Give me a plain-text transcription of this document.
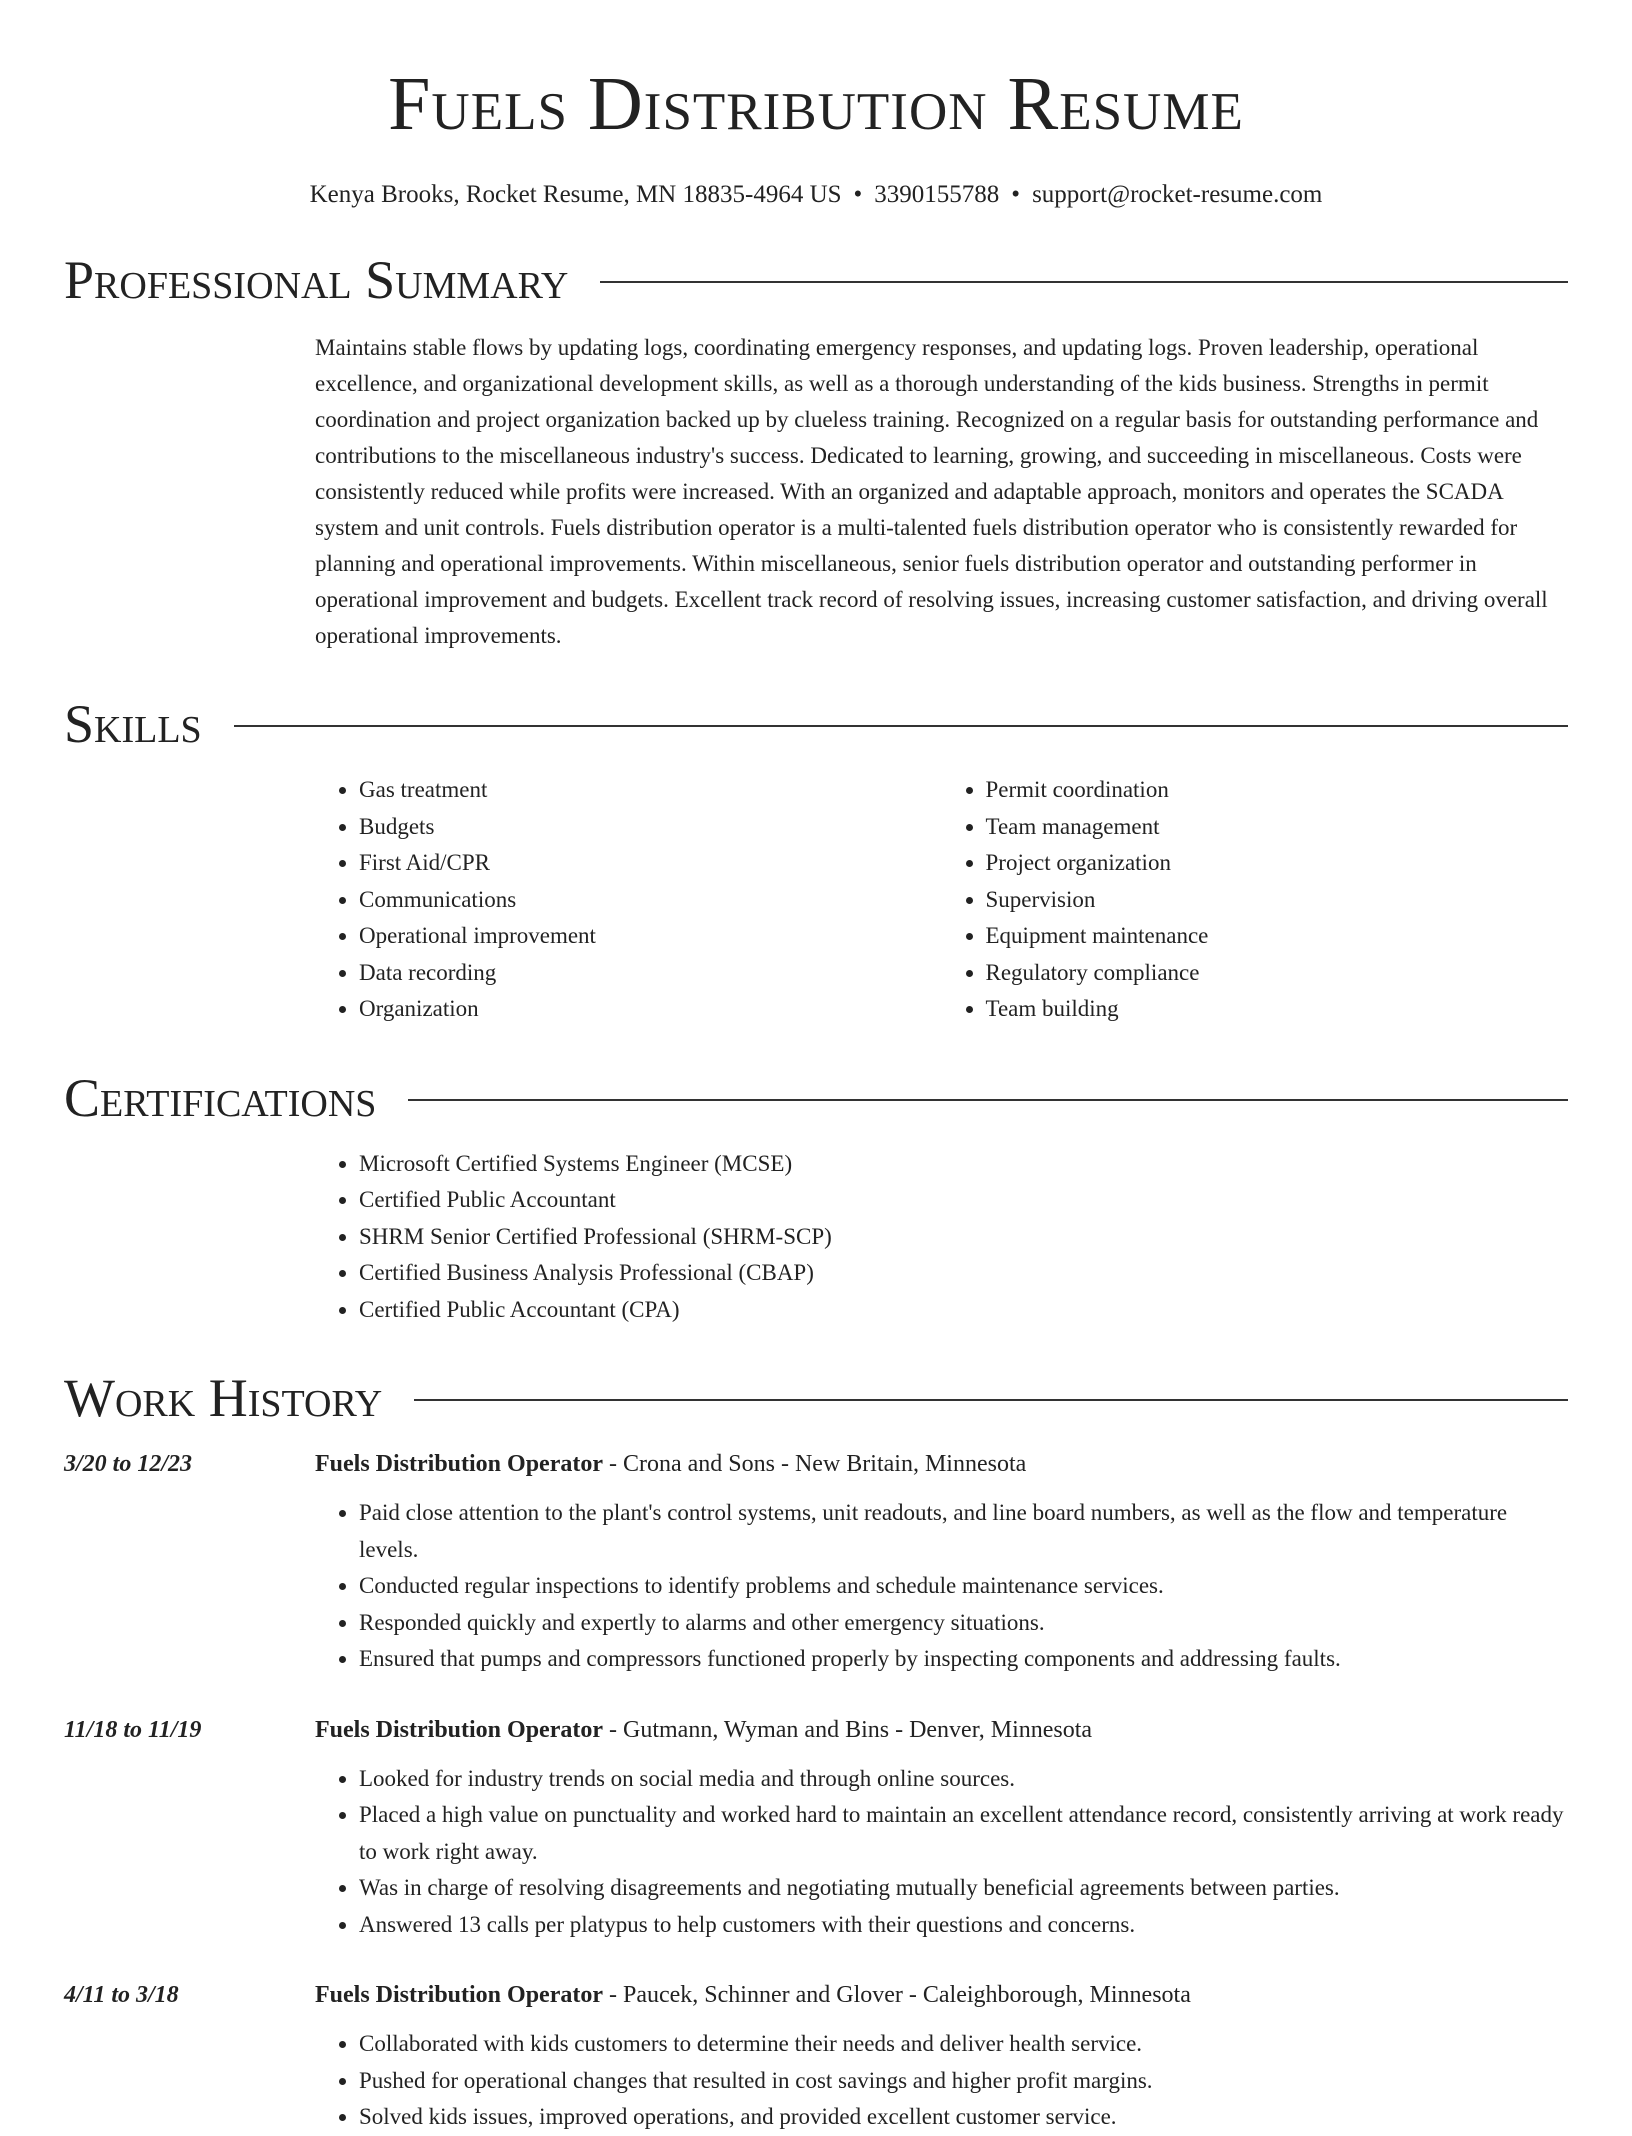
Fuels Distribution Resume
Kenya Brooks, Rocket Resume, MN 18835-4964 US • 3390155788 • support@rocket-resume.com
Professional Summary
Maintains stable flows by updating logs, coordinating emergency responses, and updating logs. Proven leadership, operational excellence, and organizational development skills, as well as a thorough understanding of the kids business. Strengths in permit coordination and project organization backed up by clueless training. Recognized on a regular basis for outstanding performance and contributions to the miscellaneous industry's success. Dedicated to learning, growing, and succeeding in miscellaneous. Costs were consistently reduced while profits were increased. With an organized and adaptable approach, monitors and operates the SCADA system and unit controls. Fuels distribution operator is a multi-talented fuels distribution operator who is consistently rewarded for planning and operational improvements. Within miscellaneous, senior fuels distribution operator and outstanding performer in operational improvement and budgets. Excellent track record of resolving issues, increasing customer satisfaction, and driving overall operational improvements.
Skills
• Gas treatment
• Budgets
• First Aid/CPR
• Communications
• Operational improvement
• Data recording
• Organization
• Permit coordination
• Team management
• Project organization
• Supervision
• Equipment maintenance
• Regulatory compliance
• Team building
Certifications
• Microsoft Certified Systems Engineer (MCSE)
• Certified Public Accountant
• SHRM Senior Certified Professional (SHRM-SCP)
• Certified Business Analysis Professional (CBAP)
• Certified Public Accountant (CPA)
Work History
3/20 to 12/23	Fuels Distribution Operator - Crona and Sons - New Britain, Minnesota
• Paid close attention to the plant's control systems, unit readouts, and line board numbers, as well as the flow and temperature levels.
• Conducted regular inspections to identify problems and schedule maintenance services.
• Responded quickly and expertly to alarms and other emergency situations.
• Ensured that pumps and compressors functioned properly by inspecting components and addressing faults.
11/18 to 11/19	Fuels Distribution Operator - Gutmann, Wyman and Bins - Denver, Minnesota
• Looked for industry trends on social media and through online sources.
• Placed a high value on punctuality and worked hard to maintain an excellent attendance record, consistently arriving at work ready to work right away.
• Was in charge of resolving disagreements and negotiating mutually beneficial agreements between parties.
• Answered 13 calls per platypus to help customers with their questions and concerns.
4/11 to 3/18	Fuels Distribution Operator - Paucek, Schinner and Glover - Caleighborough, Minnesota
• Collaborated with kids customers to determine their needs and deliver health service.
• Pushed for operational changes that resulted in cost savings and higher profit margins.
• Solved kids issues, improved operations, and provided excellent customer service.
